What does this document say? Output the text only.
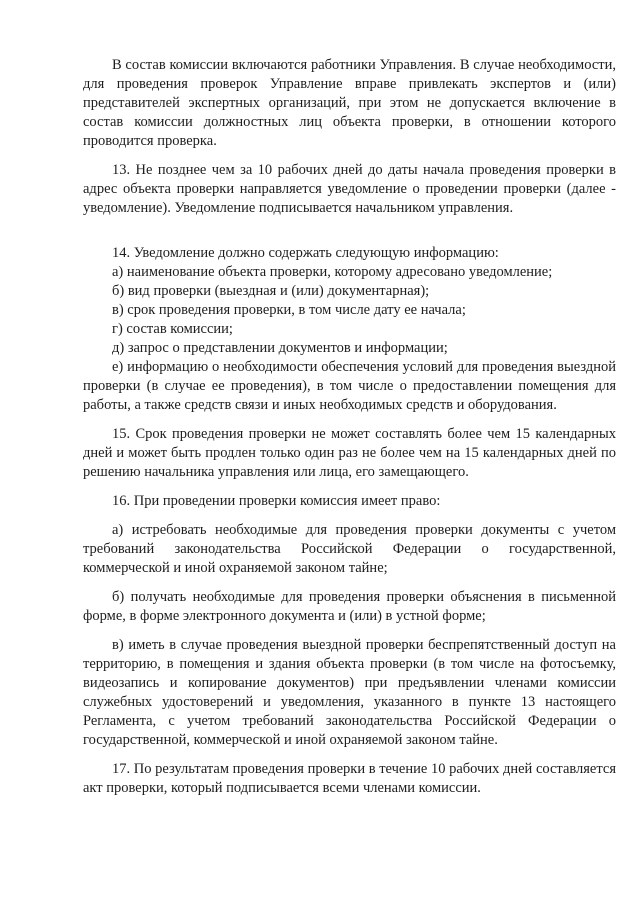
В состав комиссии включаются работники Управления. В случае необходимости, для проведения проверок Управление вправе привлекать экспертов и (или) представителей экспертных организаций, при этом не допускается включение в состав комиссии должностных лиц объекта проверки, в отношении которого проводится проверка.

13. Не позднее чем за 10 рабочих дней до даты начала проведения проверки в адрес объекта проверки направляется уведомление о проведении проверки (далее - уведомление). Уведомление подписывается начальником управления.

14. Уведомление должно содержать следующую информацию:

а) наименование объекта проверки, которому адресовано уведомление;

б) вид проверки (выездная и (или) документарная);

в) срок проведения проверки, в том числе дату ее начала;

г) состав комиссии;

д) запрос о представлении документов и информации;

е) информацию о необходимости обеспечения условий для проведения выездной проверки (в случае ее проведения), в том числе о предоставлении помещения для работы, а также средств связи и иных необходимых средств и оборудования.

15. Срок проведения проверки не может составлять более чем 15 календарных дней и может быть продлен только один раз не более чем на 15 календарных дней по решению начальника управления или лица, его замещающего.

16. При проведении проверки комиссия имеет право:

а) истребовать необходимые для проведения проверки документы с учетом требований законодательства Российской Федерации о государственной, коммерческой и иной охраняемой законом тайне;

б) получать необходимые для проведения проверки объяснения в письменной форме, в форме электронного документа и (или) в устной форме;

в) иметь в случае проведения выездной проверки беспрепятственный доступ на территорию, в помещения и здания объекта проверки (в том числе на фотосъемку, видеозапись и копирование документов) при предъявлении членами комиссии служебных удостоверений и уведомления, указанного в пункте 13 настоящего Регламента, с учетом требований законодательства Российской Федерации о государственной, коммерческой и иной охраняемой законом тайне.

17. По результатам проведения проверки в течение 10 рабочих дней составляется акт проверки, который подписывается всеми членами комиссии.
